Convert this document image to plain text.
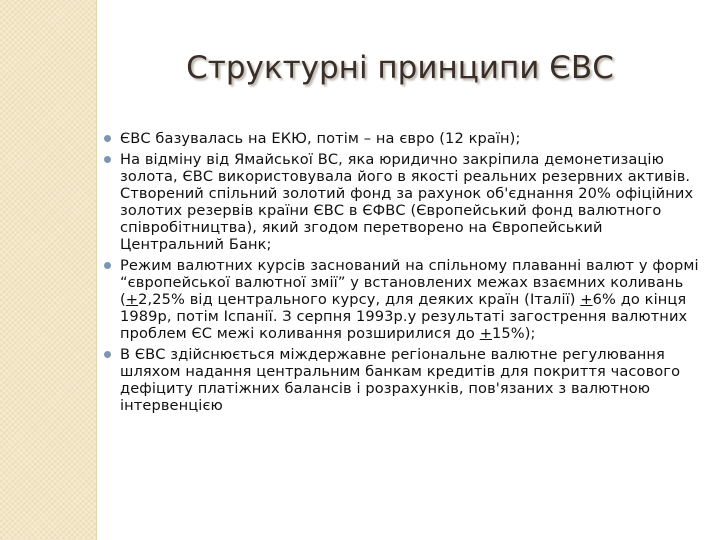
Структурні принципи ЄВС
ЄВС базувалась на ЕКЮ, потім – на євро (12 країн);
На відміну від Ямайської ВС, яка юридично закріпила демонетизацію золота, ЄВС використовувала його в якості реальних резервних активів. Створений спільний золотий фонд за рахунок об'єднання 20% офіційних золотих резервів країни ЄВС в ЄФВС (Європейський фонд валютного співробітництва), який згодом перетворено на Європейський Центральний Банк;
Режим валютних курсів заснований на спільному плаванні валют у формі “європейської валютної змії” у встановлених межах взаємних коливань (+2,25% від центрального курсу, для деяких країн (Італії) +6% до кінця 1989р, потім Іспанії. З серпня 1993р.у результаті загострення валютних проблем ЄС межі коливання розширилися до +15%);
В ЄВС здійснюється міждержавне регіональне валютне регулювання шляхом надання центральним банкам кредитів для покриття часового дефіциту платіжних балансів і розрахунків, пов'язаних з валютною інтервенцією
